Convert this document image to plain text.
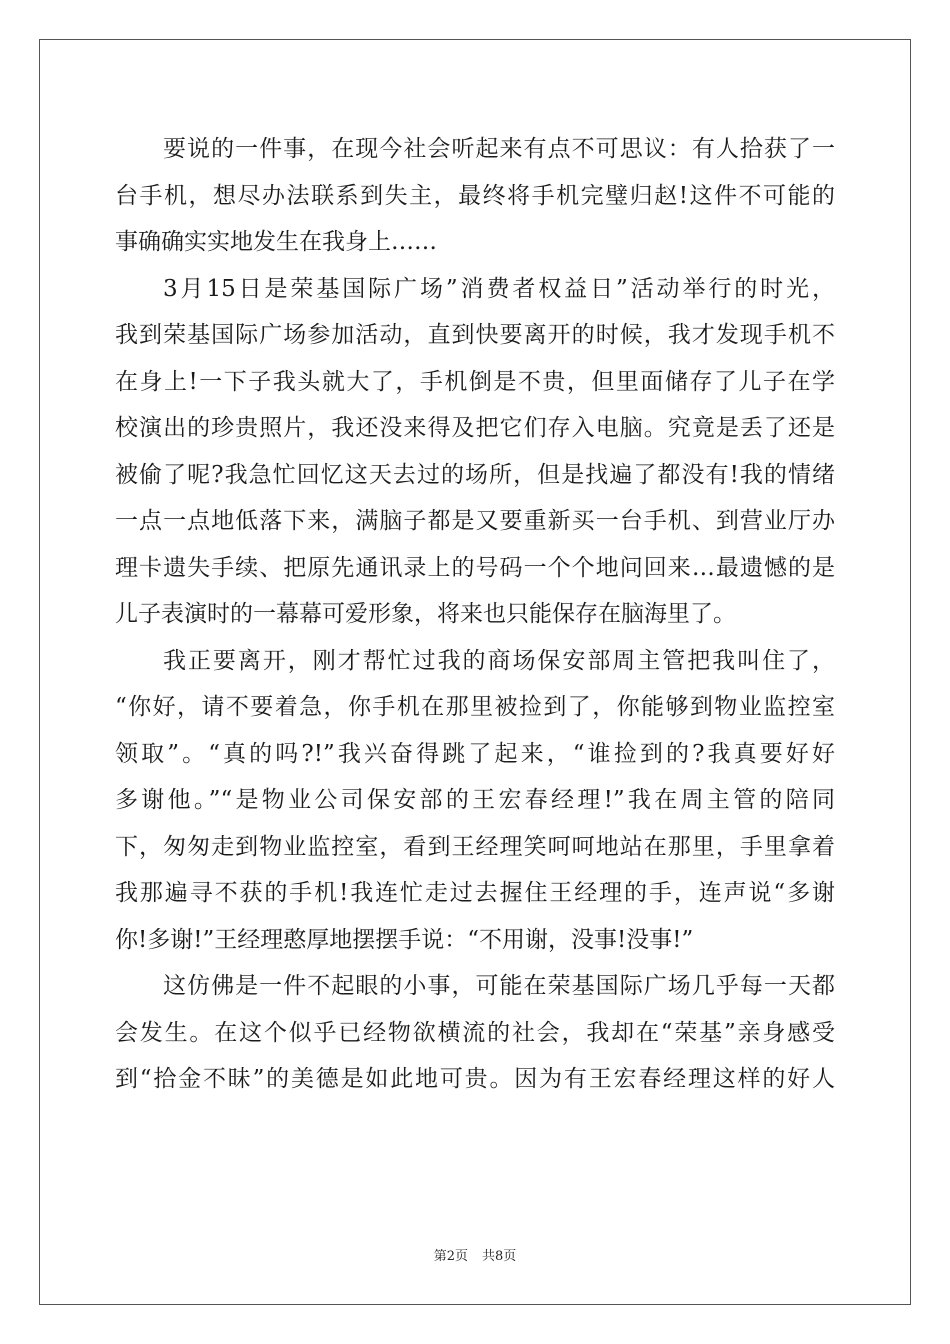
要说的一件事，在现今社会听起来有点不可思议：有人拾获了一
台手机，想尽办法联系到失主，最终将手机完璧归赵!这件不可能的
事确确实实地发生在我身上……
3月15日是荣基国际广场”消费者权益日”活动举行的时光，
我到荣基国际广场参加活动，直到快要离开的时候，我才发现手机不
在身上!一下子我头就大了，手机倒是不贵，但里面储存了儿子在学
校演出的珍贵照片，我还没来得及把它们存入电脑。究竟是丢了还是
被偷了呢?我急忙回忆这天去过的场所，但是找遍了都没有!我的情绪
一点一点地低落下来，满脑子都是又要重新买一台手机、到营业厅办
理卡遗失手续、把原先通讯录上的号码一个个地问回来…最遗憾的是
儿子表演时的一幕幕可爱形象，将来也只能保存在脑海里了。
我正要离开，刚才帮忙过我的商场保安部周主管把我叫住了，
“你好，请不要着急，你手机在那里被捡到了，你能够到物业监控室
领取”。“真的吗?!”我兴奋得跳了起来，“谁捡到的?我真要好好
多谢他。”“是物业公司保安部的王宏春经理!”我在周主管的陪同
下，匆匆走到物业监控室，看到王经理笑呵呵地站在那里，手里拿着
我那遍寻不获的手机!我连忙走过去握住王经理的手，连声说“多谢
你!多谢!”王经理憨厚地摆摆手说：“不用谢，没事!没事!”
这仿佛是一件不起眼的小事，可能在荣基国际广场几乎每一天都
会发生。在这个似乎已经物欲横流的社会，我却在“荣基”亲身感受
到“拾金不昧”的美德是如此地可贵。因为有王宏春经理这样的好人
第2页 共8页
